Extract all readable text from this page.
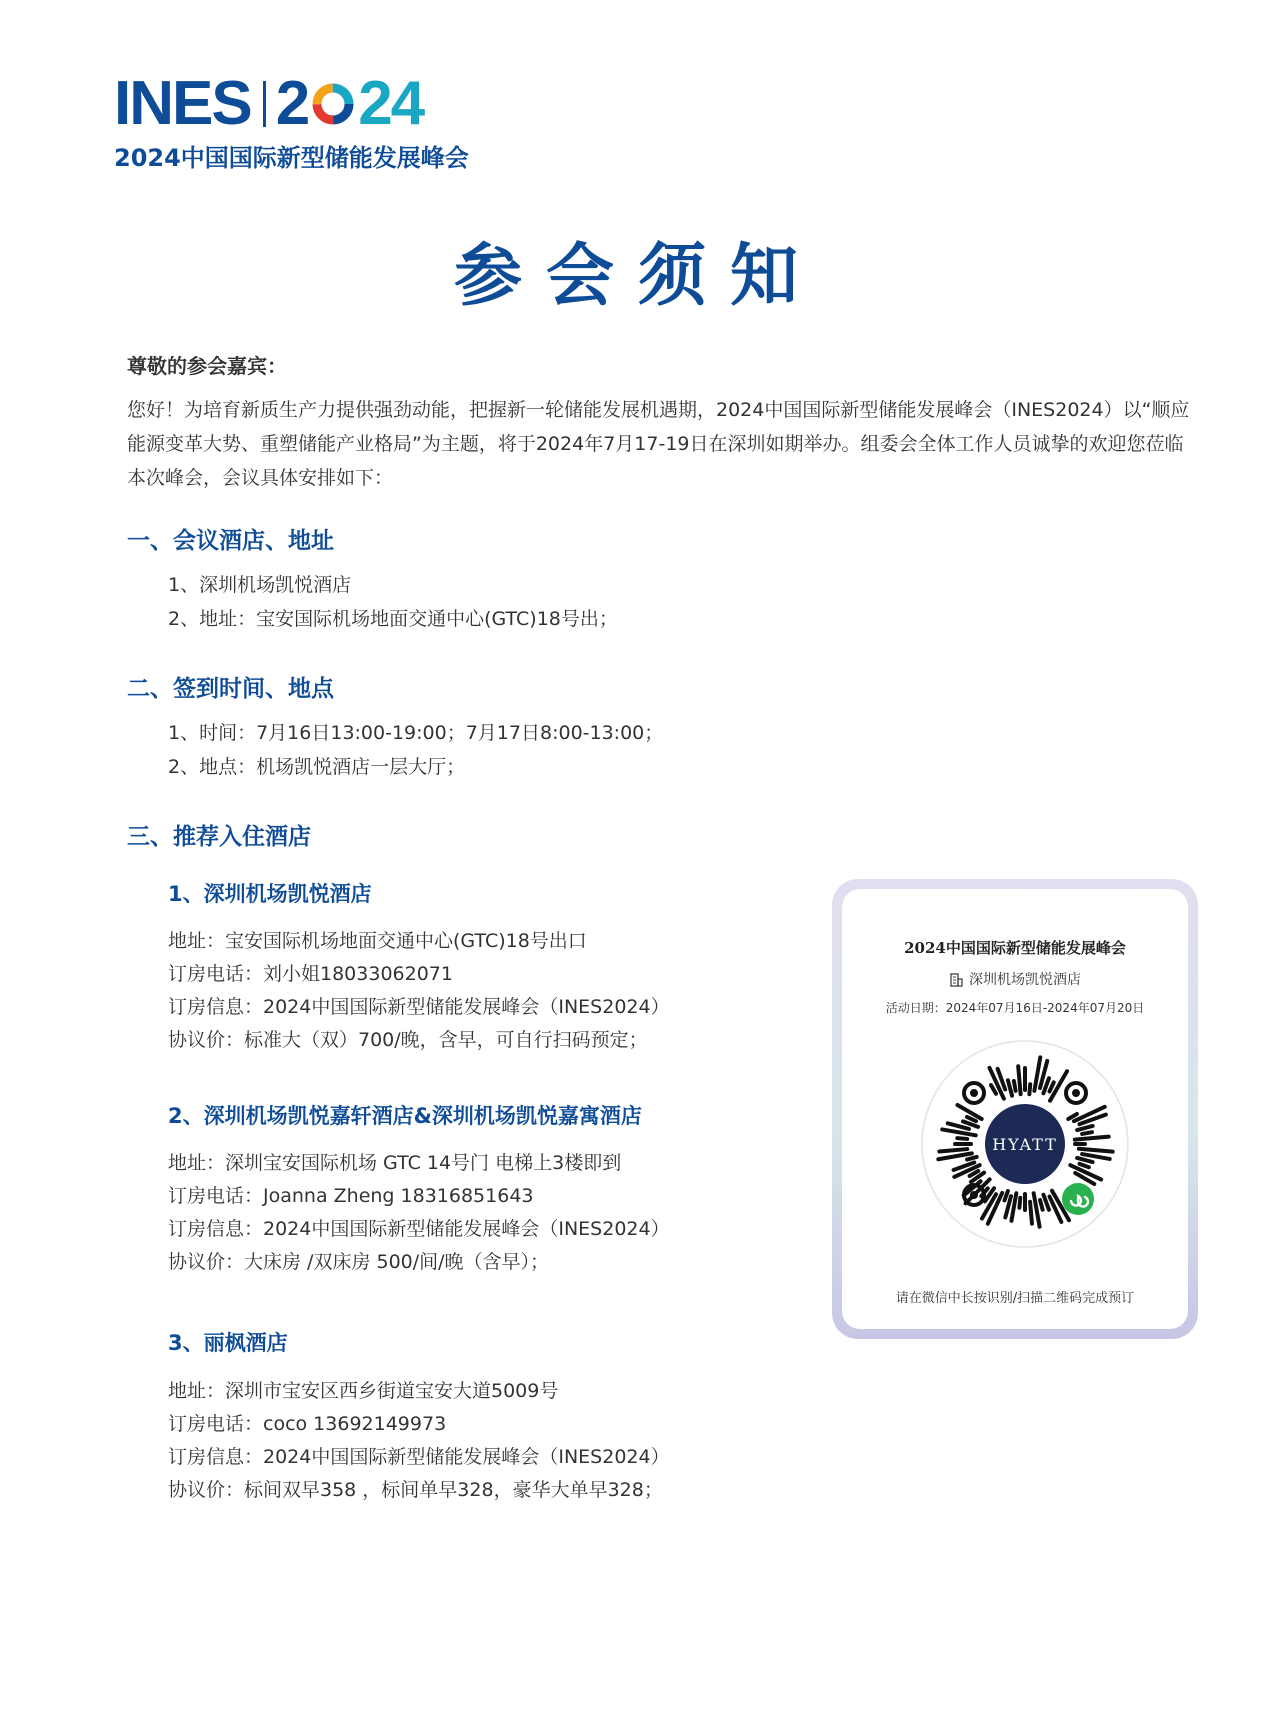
INES 2 24
2024中国国际新型储能发展峰会
参会须知
尊敬的参会嘉宾：
您好！为培育新质生产力提供强劲动能，把握新一轮储能发展机遇期，2024中国国际新型储能发展峰会（INES2024）以“顺应能源变革大势、重塑储能产业格局”为主题，将于2024年7月17-19日在深圳如期举办。组委会全体工作人员诚挚的欢迎您莅临本次峰会，会议具体安排如下：
一、会议酒店、地址
1、深圳机场凯悦酒店
2、地址：宝安国际机场地面交通中心(GTC)18号出；
二、签到时间、地点
1、时间：7月16日13:00-19:00；7月17日8:00-13:00；
2、地点：机场凯悦酒店一层大厅；
三、推荐入住酒店
1、深圳机场凯悦酒店
地址：宝安国际机场地面交通中心(GTC)18号出口
订房电话：刘小姐18033062071
订房信息：2024中国国际新型储能发展峰会（INES2024）
协议价：标准大（双）700/晚，含早，可自行扫码预定；
2、深圳机场凯悦嘉轩酒店&深圳机场凯悦嘉寓酒店
地址：深圳宝安国际机场 GTC 14号门 电梯上3楼即到
订房电话：Joanna Zheng 18316851643
订房信息：2024中国国际新型储能发展峰会（INES2024）
协议价：大床房 /双床房 500/间/晚（含早）；
3、丽枫酒店
地址：深圳市宝安区西乡街道宝安大道5009号
订房电话：coco 13692149973
订房信息：2024中国国际新型储能发展峰会（INES2024）
协议价：标间双早358 ，标间单早328，豪华大单早328；
2024中国国际新型储能发展峰会
深圳机场凯悦酒店
活动日期：2024年07月16日-2024年07月20日
HYATT
请在微信中长按识别/扫描二维码完成预订
